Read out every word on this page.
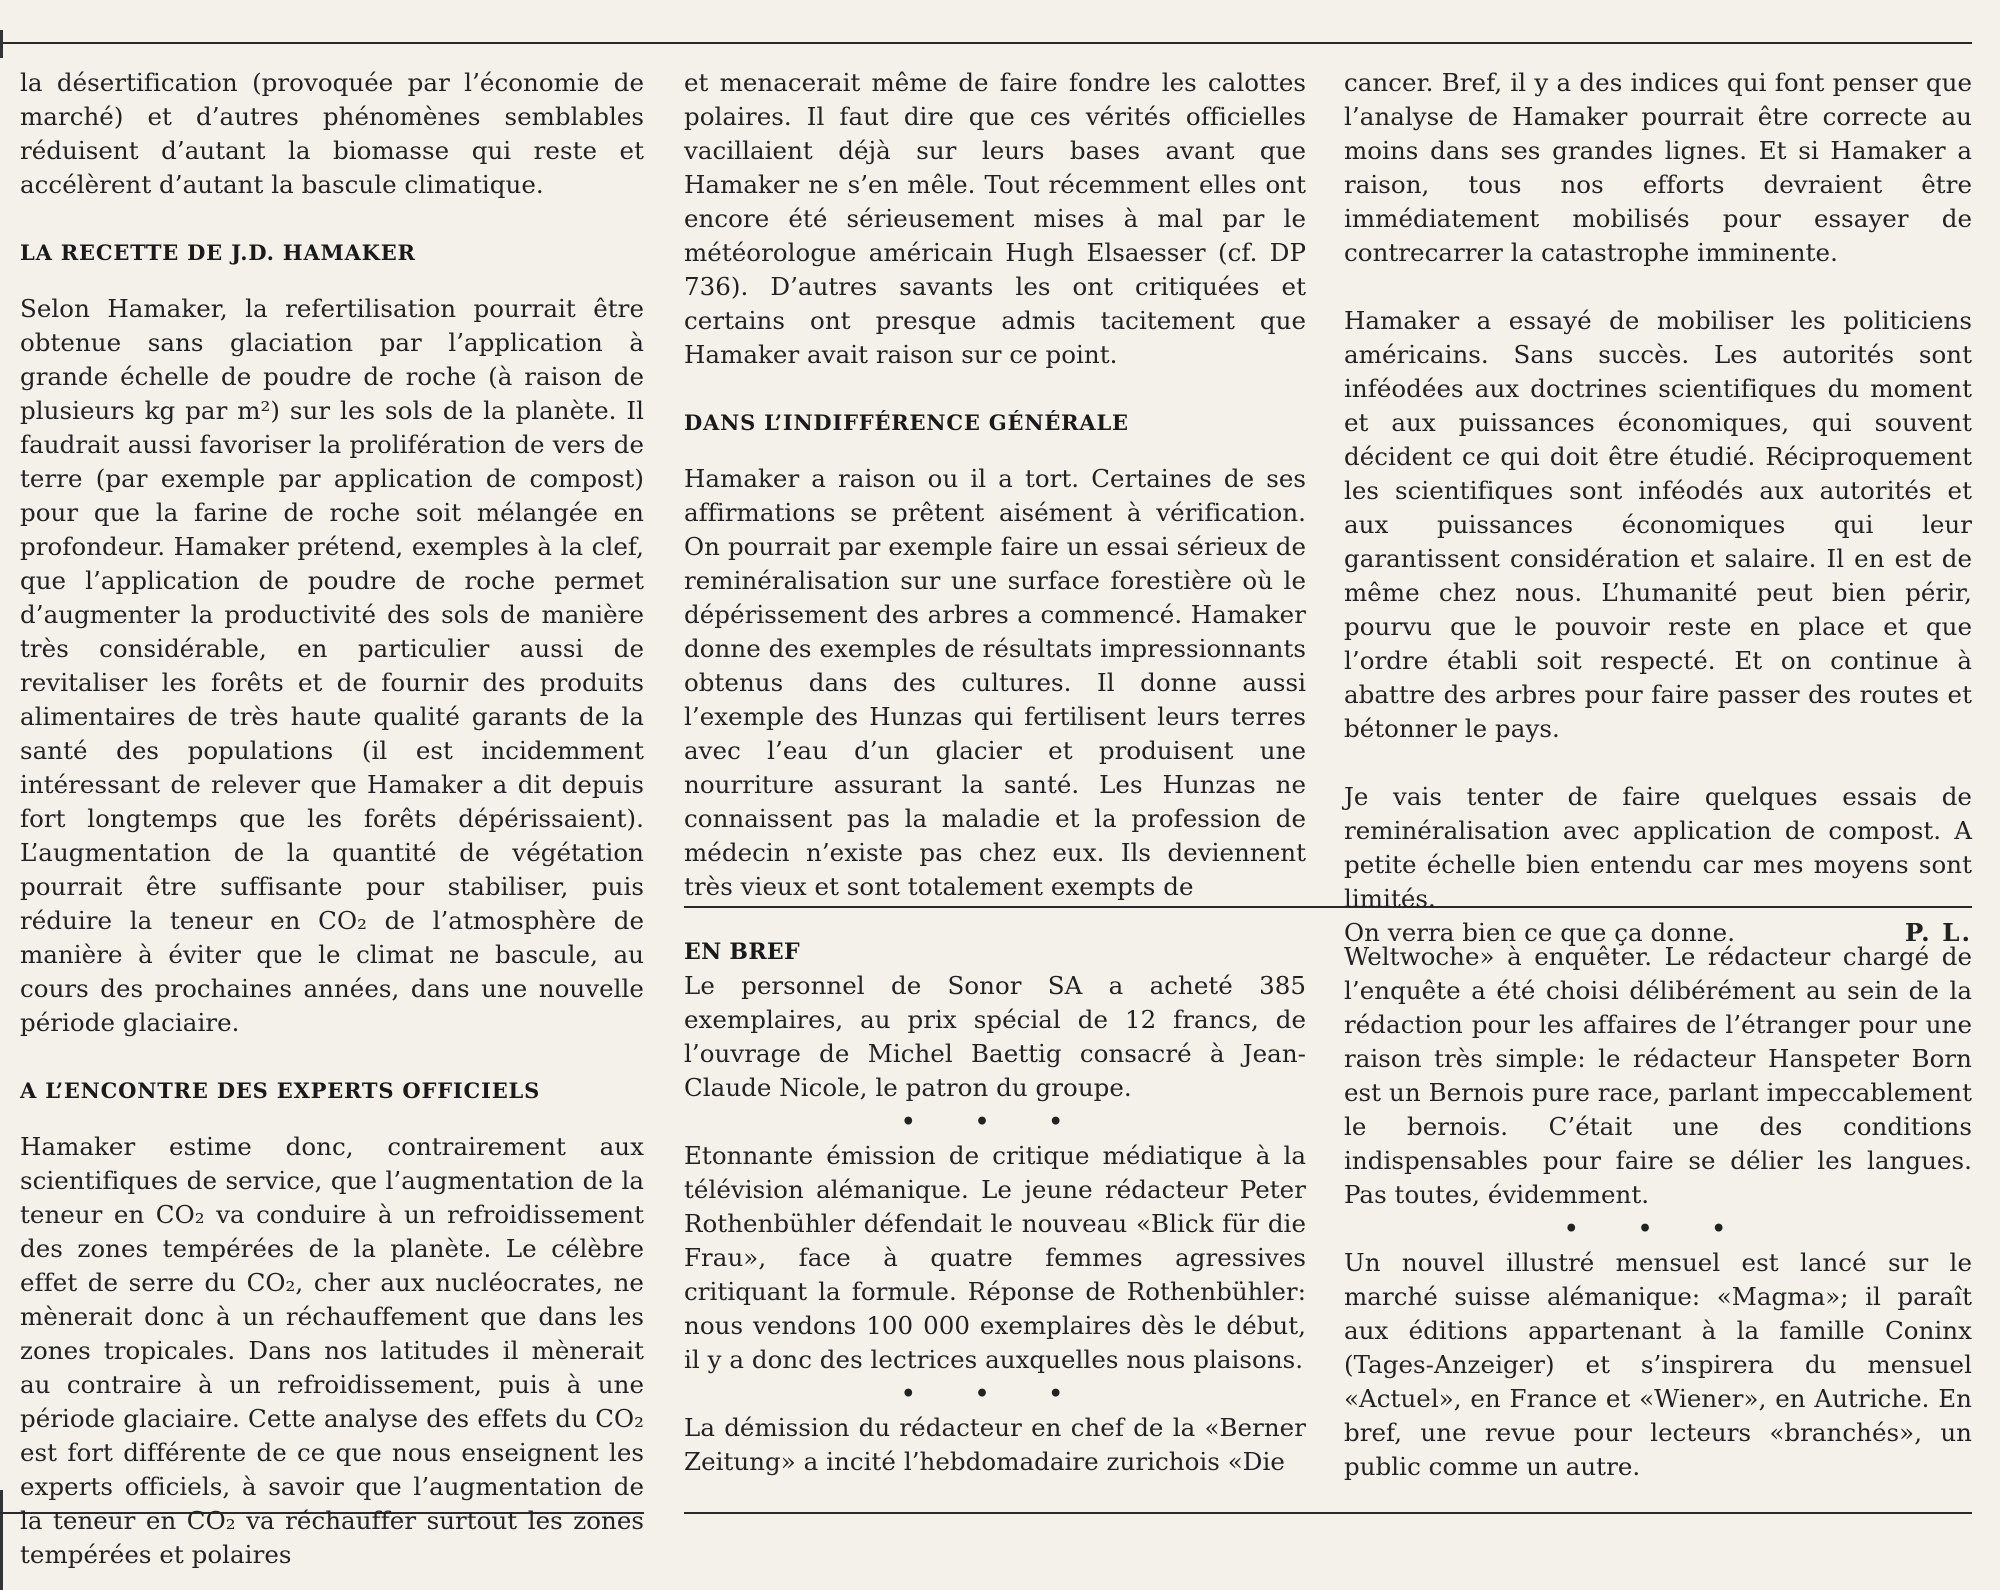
la désertification (provoquée par l’économie de marché) et d’autres phénomènes semblables réduisent d’autant la biomasse qui reste et accélèrent d’autant la bascule climatique.

LA RECETTE DE J.D. HAMAKER

Selon Hamaker, la refertilisation pourrait être obtenue sans glaciation par l’application à grande échelle de poudre de roche (à raison de plusieurs kg par m²) sur les sols de la planète. Il faudrait aussi favoriser la prolifération de vers de terre (par exemple par application de compost) pour que la farine de roche soit mélangée en profondeur. Hamaker prétend, exemples à la clef, que l’application de poudre de roche permet d’augmenter la productivité des sols de manière très considérable, en particulier aussi de revitaliser les forêts et de fournir des produits alimentaires de très haute qualité garants de la santé des populations (il est incidemment intéressant de relever que Hamaker a dit depuis fort longtemps que les forêts dépérissaient). L’augmentation de la quantité de végétation pourrait être suffisante pour stabiliser, puis réduire la teneur en CO₂ de l’atmosphère de manière à éviter que le climat ne bascule, au cours des prochaines années, dans une nouvelle période glaciaire.

A L’ENCONTRE DES EXPERTS OFFICIELS

Hamaker estime donc, contrairement aux scientifiques de service, que l’augmentation de la teneur en CO₂ va conduire à un refroidissement des zones tempérées de la planète. Le célèbre effet de serre du CO₂, cher aux nucléocrates, ne mènerait donc à un réchauffement que dans les zones tropicales. Dans nos latitudes il mènerait au contraire à un refroidissement, puis à une période glaciaire. Cette analyse des effets du CO₂ est fort différente de ce que nous enseignent les experts officiels, à savoir que l’augmentation de la teneur en CO₂ va réchauffer surtout les zones tempérées et polaires

et menacerait même de faire fondre les calottes polaires. Il faut dire que ces vérités officielles vacillaient déjà sur leurs bases avant que Hamaker ne s’en mêle. Tout récemment elles ont encore été sérieusement mises à mal par le météorologue américain Hugh Elsaesser (cf. DP 736). D’autres savants les ont critiquées et certains ont presque admis tacitement que Hamaker avait raison sur ce point.

DANS L’INDIFFÉRENCE GÉNÉRALE

Hamaker a raison ou il a tort. Certaines de ses affirmations se prêtent aisément à vérification. On pourrait par exemple faire un essai sérieux de reminéralisation sur une surface forestière où le dépérissement des arbres a commencé. Hamaker donne des exemples de résultats impressionnants obtenus dans des cultures. Il donne aussi l’exemple des Hunzas qui fertilisent leurs terres avec l’eau d’un glacier et produisent une nourriture assurant la santé. Les Hunzas ne connaissent pas la maladie et la profession de médecin n’existe pas chez eux. Ils deviennent très vieux et sont totalement exempts de

cancer. Bref, il y a des indices qui font penser que l’analyse de Hamaker pourrait être correcte au moins dans ses grandes lignes. Et si Hamaker a raison, tous nos efforts devraient être immédiatement mobilisés pour essayer de contrecarrer la catastrophe imminente.

Hamaker a essayé de mobiliser les politiciens américains. Sans succès. Les autorités sont inféodées aux doctrines scientifiques du moment et aux puissances économiques, qui souvent décident ce qui doit être étudié. Réciproquement les scientifiques sont inféodés aux autorités et aux puissances économiques qui leur garantissent considération et salaire. Il en est de même chez nous. L’humanité peut bien périr, pourvu que le pouvoir reste en place et que l’ordre établi soit respecté. Et on continue à abattre des arbres pour faire passer des routes et bétonner le pays.

Je vais tenter de faire quelques essais de reminéralisation avec application de compost. A petite échelle bien entendu car mes moyens sont limités.

On verra bien ce que ça donne.	P. L.

EN BREF

Le personnel de Sonor SA a acheté 385 exemplaires, au prix spécial de 12 francs, de l’ouvrage de Michel Baettig consacré à Jean-Claude Nicole, le patron du groupe.

• • •

Etonnante émission de critique médiatique à la télévision alémanique. Le jeune rédacteur Peter Rothenbühler défendait le nouveau «Blick für die Frau», face à quatre femmes agressives critiquant la formule. Réponse de Rothenbühler: nous vendons 100 000 exemplaires dès le début, il y a donc des lectrices auxquelles nous plaisons.

• • •

La démission du rédacteur en chef de la «Berner Zeitung» a incité l’hebdomadaire zurichois «Die

Weltwoche» à enquêter. Le rédacteur chargé de l’enquête a été choisi délibérément au sein de la rédaction pour les affaires de l’étranger pour une raison très simple: le rédacteur Hanspeter Born est un Bernois pure race, parlant impeccablement le bernois. C’était une des conditions indispensables pour faire se délier les langues. Pas toutes, évidemment.

• • •

Un nouvel illustré mensuel est lancé sur le marché suisse alémanique: «Magma»; il paraît aux éditions appartenant à la famille Coninx (Tages-Anzeiger) et s’inspirera du mensuel «Actuel», en France et «Wiener», en Autriche. En bref, une revue pour lecteurs «branchés», un public comme un autre.
